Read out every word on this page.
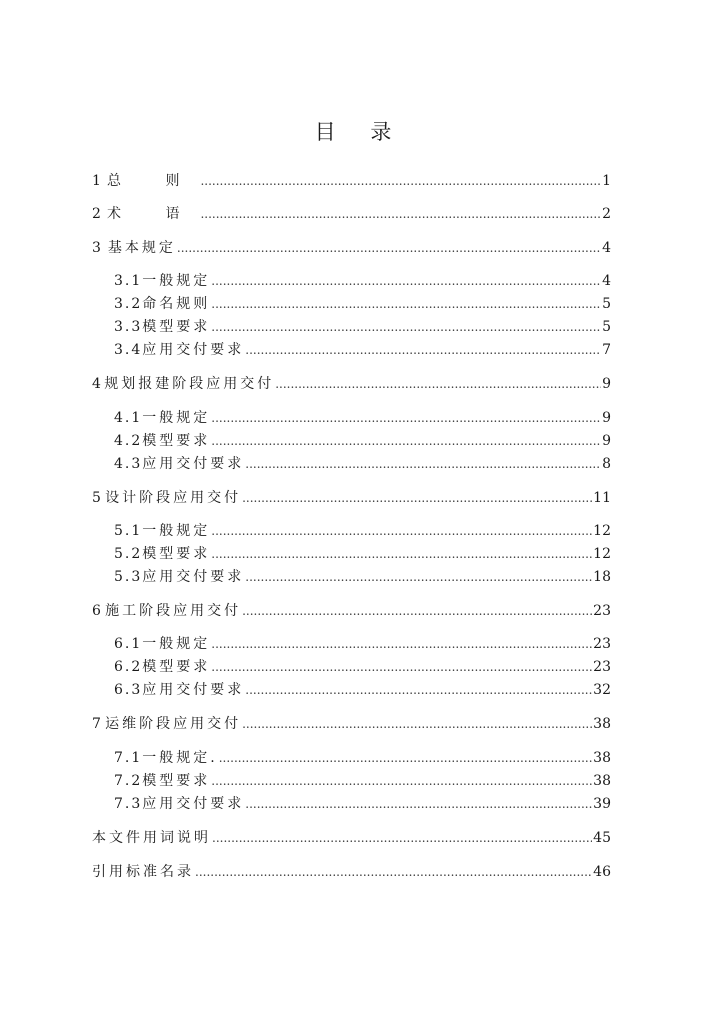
目 录
1 总 则 .....	1
2 术 语 .....	2
3 基本规定 .....	4
3.1 一般规定 .....	4
3.2 命名规则 .....	5
3.3 模型要求 .....	5
3.4 应用交付要求 .....	7
4 规划报建阶段应用交付 .....	9
4.1 一般规定 .....	9
4.2 模型要求 .....	9
4.3 应用交付要求 .....	8
5 设计阶段应用交付 .....	11
5.1 一般规定 .....	12
5.2 模型要求 .....	12
5.3 应用交付要求 .....	18
6 施工阶段应用交付 .....	23
6.1 一般规定 .....	23
6.2 模型要求 .....	23
6.3 应用交付要求 .....	32
7 运维阶段应用交付 .....	38
7.1 一般规定. .....	38
7.2 模型要求 .....	38
7.3 应用交付要求 .....	39
本文件用词说明 .....	45
引用标准名录 .....	46
